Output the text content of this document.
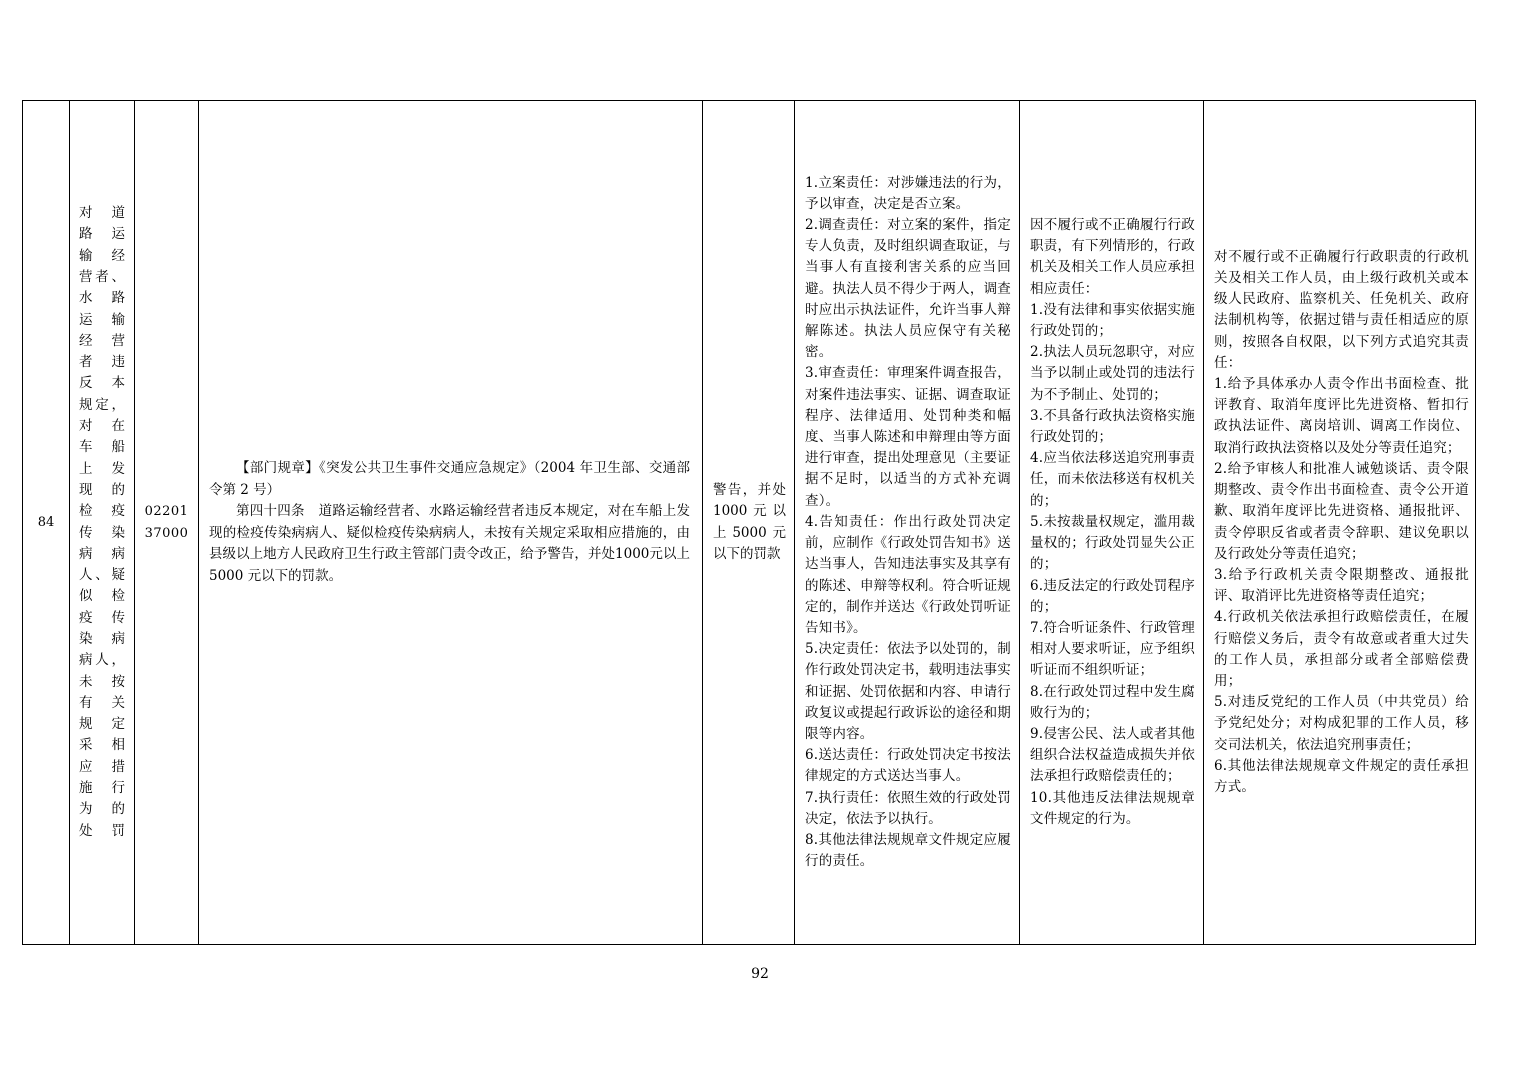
84
对　道
路　运
输　经
营者、
水　路
运　输
经　营
者　违
反　本
规定，
对　在
车　船
上　发
现　的
检　疫
传　染
病　病
人、疑
似　检
疫　传
染　病
病人，
未　按
有　关
规　定
采　相
应　措
施　行
为　的
处罚
02201
37000

【部门规章】《突发公共卫生事件交通应急规定》（2004 年卫生部、交通部令第 2 号）

第四十四条　道路运输经营者、水路运输经营者违反本规定，对在车船上发现的检疫传染病病人、疑似检疫传染病病人，未按有关规定采取相应措施的，由县级以上地方人民政府卫生行政主管部门责令改正，给予警告，并处1000元以上 5000 元以下的罚款。

警告，并处1000元以上5000元以下的罚款

1.立案责任：对涉嫌违法的行为，予以审查，决定是否立案。

2.调查责任：对立案的案件，指定专人负责，及时组织调查取证，与当事人有直接利害关系的应当回避。执法人员不得少于两人，调查时应出示执法证件，允许当事人辩解陈述。执法人员应保守有关秘密。

3.审查责任：审理案件调查报告，对案件违法事实、证据、调查取证程序、法律适用、处罚种类和幅度、当事人陈述和申辩理由等方面进行审查，提出处理意见（主要证据不足时，以适当的方式补充调查）。

4.告知责任：作出行政处罚决定前，应制作《行政处罚告知书》送达当事人，告知违法事实及其享有的陈述、申辩等权利。符合听证规定的，制作并送达《行政处罚听证告知书》。

5.决定责任：依法予以处罚的，制作行政处罚决定书，载明违法事实和证据、处罚依据和内容、申请行政复议或提起行政诉讼的途径和期限等内容。

6.送达责任：行政处罚决定书按法律规定的方式送达当事人。

7.执行责任：依照生效的行政处罚决定，依法予以执行。

8.其他法律法规规章文件规定应履行的责任。

因不履行或不正确履行行政职责，有下列情形的，行政机关及相关工作人员应承担相应责任：

1.没有法律和事实依据实施行政处罚的；

2.执法人员玩忽职守，对应当予以制止或处罚的违法行为不予制止、处罚的；

3.不具备行政执法资格实施行政处罚的；

4.应当依法移送追究刑事责任，而未依法移送有权机关的；

5.未按裁量权规定，滥用裁量权的；行政处罚显失公正的；

6.违反法定的行政处罚程序的；

7.符合听证条件、行政管理相对人要求听证，应予组织听证而不组织听证；

8.在行政处罚过程中发生腐败行为的；

9.侵害公民、法人或者其他组织合法权益造成损失并依法承担行政赔偿责任的；

10.其他违反法律法规规章文件规定的行为。

对不履行或不正确履行行政职责的行政机关及相关工作人员，由上级行政机关或本级人民政府、监察机关、任免机关、政府法制机构等，依据过错与责任相适应的原则，按照各自权限，以下列方式追究其责任：

1.给予具体承办人责令作出书面检查、批评教育、取消年度评比先进资格、暂扣行政执法证件、离岗培训、调离工作岗位、取消行政执法资格以及处分等责任追究；

2.给予审核人和批准人诫勉谈话、责令限期整改、责令作出书面检查、责令公开道歉、取消年度评比先进资格、通报批评、责令停职反省或者责令辞职、建议免职以及行政处分等责任追究；

3.给予行政机关责令限期整改、通报批评、取消评比先进资格等责任追究；

4.行政机关依法承担行政赔偿责任，在履行赔偿义务后，责令有故意或者重大过失的工作人员，承担部分或者全部赔偿费用；

5.对违反党纪的工作人员（中共党员）给予党纪处分；对构成犯罪的工作人员，移交司法机关，依法追究刑事责任；

6.其他法律法规规章文件规定的责任承担方式。

92
